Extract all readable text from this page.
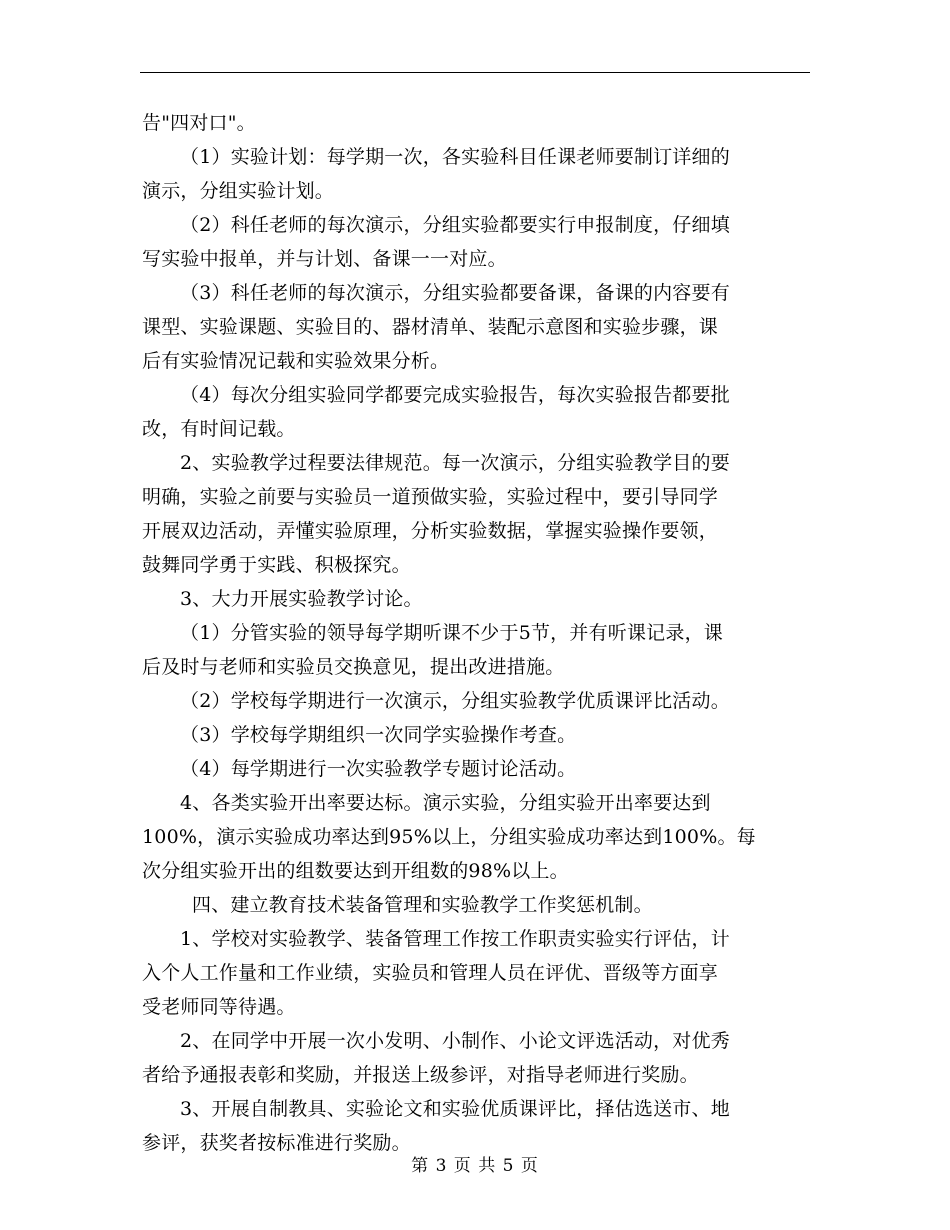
告"四对口"。
（1）实验计划：每学期一次，各实验科目任课老师要制订详细的
演示，分组实验计划。
（2）科任老师的每次演示，分组实验都要实行申报制度，仔细填
写实验中报单，并与计划、备课一一对应。
（3）科任老师的每次演示，分组实验都要备课，备课的内容要有
课型、实验课题、实验目的、器材清单、装配示意图和实验步骤，课
后有实验情况记载和实验效果分析。
（4）每次分组实验同学都要完成实验报告，每次实验报告都要批
改，有时间记载。
2、实验教学过程要法律规范。每一次演示，分组实验教学目的要
明确，实验之前要与实验员一道预做实验，实验过程中，要引导同学
开展双边活动，弄懂实验原理，分析实验数据，掌握实验操作要领，
鼓舞同学勇于实践、积极探究。
3、大力开展实验教学讨论。
（1）分管实验的领导每学期听课不少于5节，并有听课记录，课
后及时与老师和实验员交换意见，提出改进措施。
（2）学校每学期进行一次演示，分组实验教学优质课评比活动。
（3）学校每学期组织一次同学实验操作考查。
（4）每学期进行一次实验教学专题讨论活动。
4、各类实验开出率要达标。演示实验，分组实验开出率要达到
100%，演示实验成功率达到95%以上，分组实验成功率达到100%。每
次分组实验开出的组数要达到开组数的98%以上。
四、建立教育技术装备管理和实验教学工作奖惩机制。
1、学校对实验教学、装备管理工作按工作职责实验实行评估，计
入个人工作量和工作业绩，实验员和管理人员在评优、晋级等方面享
受老师同等待遇。
2、在同学中开展一次小发明、小制作、小论文评选活动，对优秀
者给予通报表彰和奖励，并报送上级参评，对指导老师进行奖励。
3、开展自制教具、实验论文和实验优质课评比，择估选送市、地
参评，获奖者按标准进行奖励。
第 3 页 共 5 页
